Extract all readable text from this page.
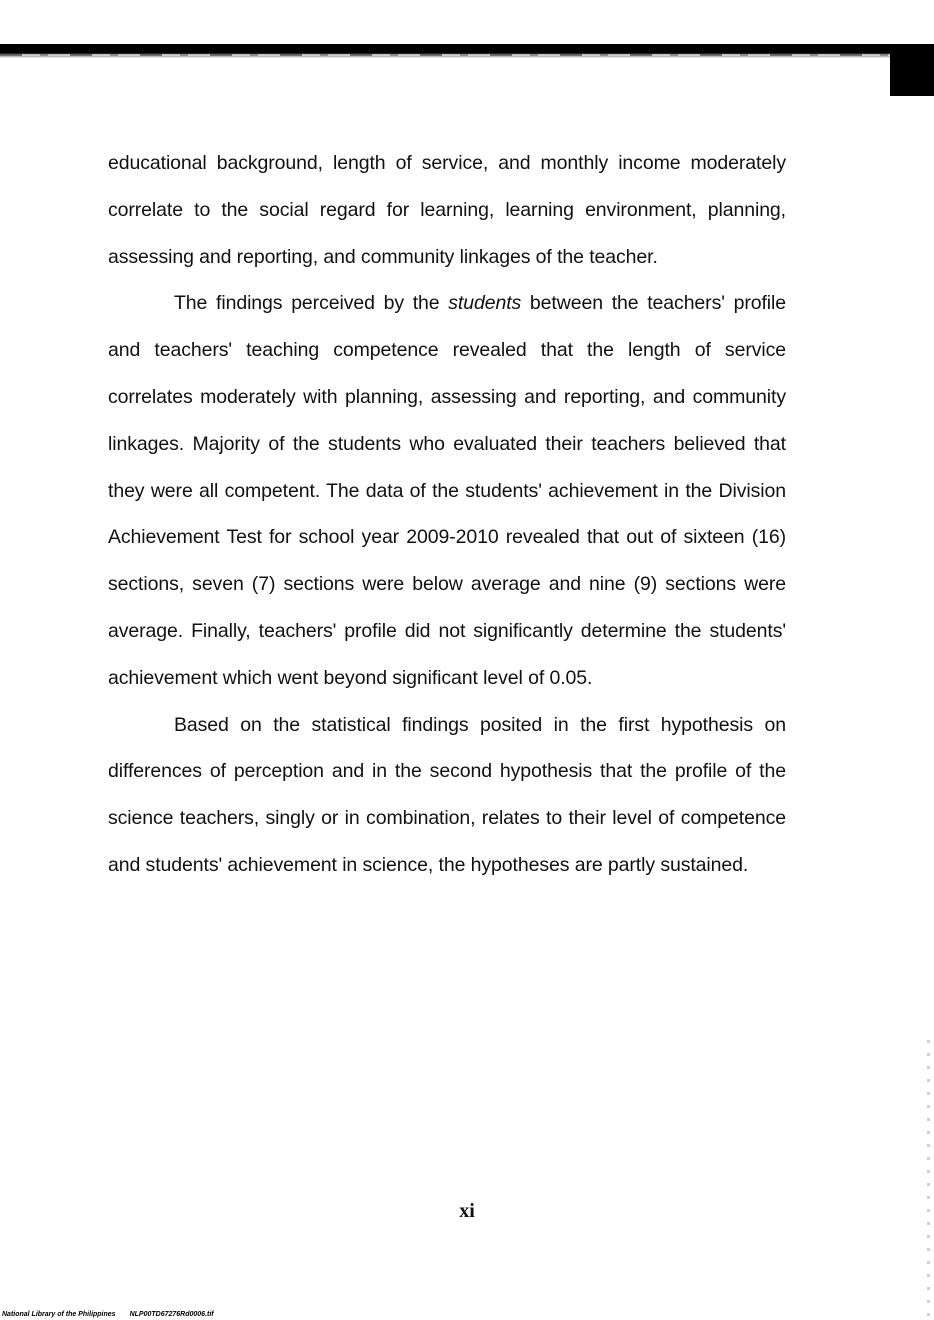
educational background, length of service, and monthly income moderately correlate to the social regard for learning, learning environment, planning, assessing and reporting, and community linkages of the teacher.

The findings perceived by the students between the teachers' profile and teachers' teaching competence revealed that the length of service correlates moderately with planning, assessing and reporting, and community linkages. Majority of the students who evaluated their teachers believed that they were all competent. The data of the students' achievement in the Division Achievement Test for school year 2009-2010 revealed that out of sixteen (16) sections, seven (7) sections were below average and nine (9) sections were average. Finally, teachers' profile did not significantly determine the students' achievement which went beyond significant level of 0.05.

Based on the statistical findings posited in the first hypothesis on differences of perception and in the second hypothesis that the profile of the science teachers, singly or in combination, relates to their level of competence and students' achievement in science, the hypotheses are partly sustained.

xi
National Library of the Philippines NLP00TD67276Rd0006.tif
